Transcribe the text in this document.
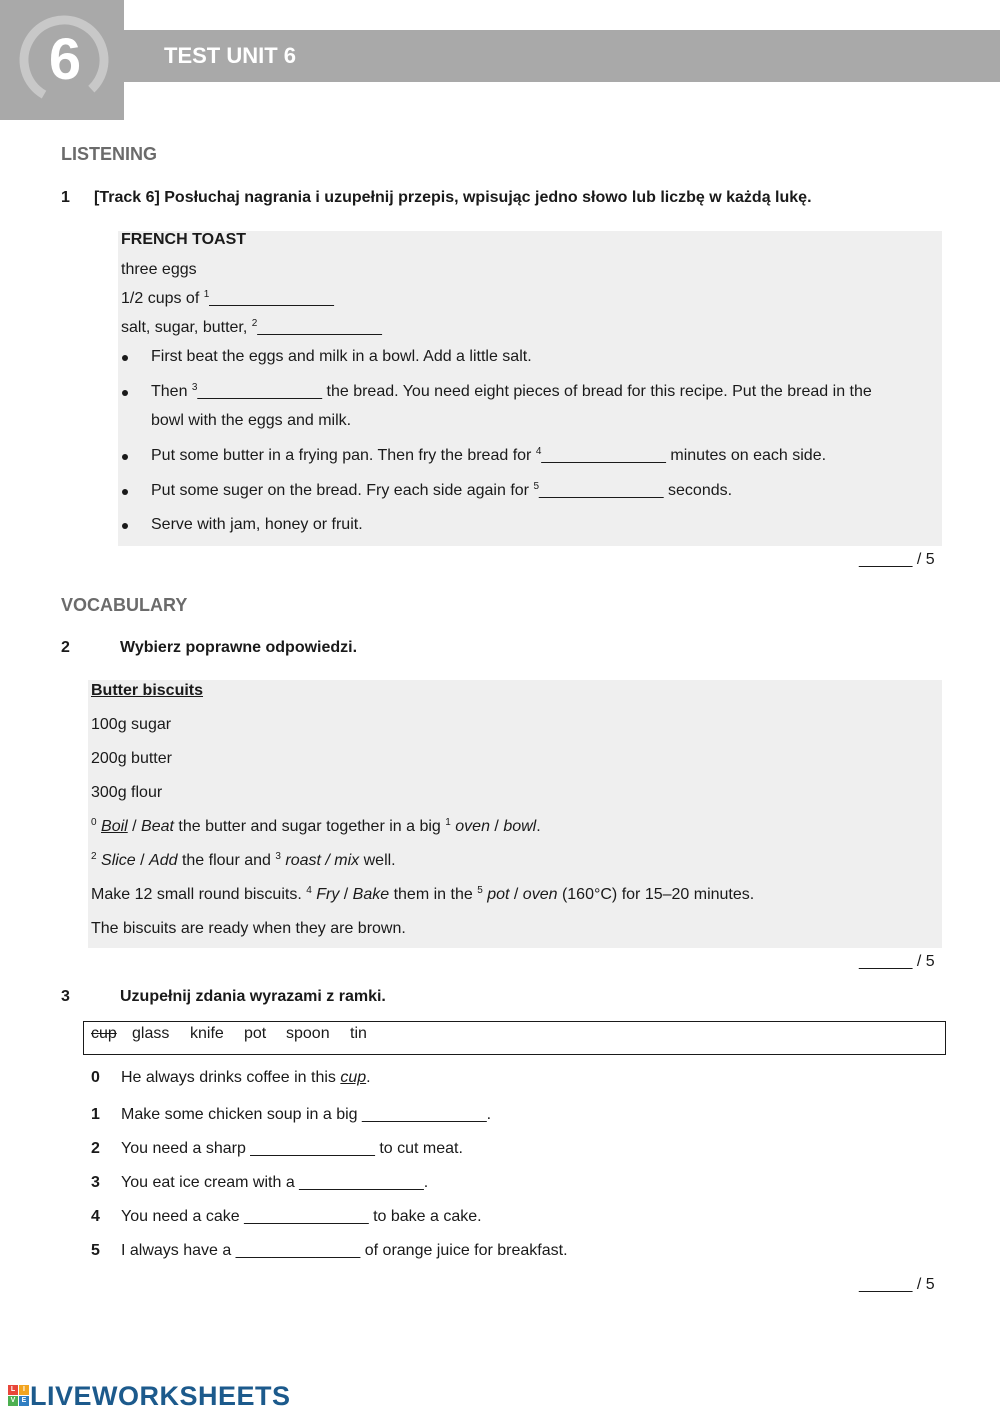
6	TEST UNIT 6
LISTENING
1 [Track 6] Posłuchaj nagrania i uzupełnij przepis, wpisując jedno słowo lub liczbę w każdą lukę.
FRENCH TOAST
three eggs
1/2 cups of $^1$______________
salt, sugar, butter, $^2$______________
First beat the eggs and milk in a bowl. Add a little salt.
Then $^3$______________ the bread. You need eight pieces of bread for this recipe. Put the bread in the
bowl with the eggs and milk.
Put some butter in a frying pan. Then fry the bread for $^4$______________ minutes on each side.
Put some suger on the bread. Fry each side again for $^5$______________ seconds.
Serve with jam, honey or fruit.
______ / 5
VOCABULARY
2	Wybierz poprawne odpowiedzi.
Butter biscuits
100g sugar
200g butter
300g flour
$^0$ Boil / Beat the butter and sugar together in a big $^1$ oven / bowl.
$^2$ Slice / Add the flour and $^3$ roast / mix well.
Make 12 small round biscuits. $^4$ Fry / Bake them in the $^5$ pot / oven (160°C) for 15–20 minutes.
The biscuits are ready when they are brown.
______ / 5
3	Uzupełnij zdania wyrazami z ramki.
cup glass knife pot spoon tin
0 He always drinks coffee in this cup.
1 Make some chicken soup in a big ______________.
2 You need a sharp ______________ to cut meat.
3 You eat ice cream with a ______________.
4 You need a cake ______________ to bake a cake.
5 I always have a ______________ of orange juice for breakfast.
______ / 5
L	I
V E LIVEWORKSHEETS
